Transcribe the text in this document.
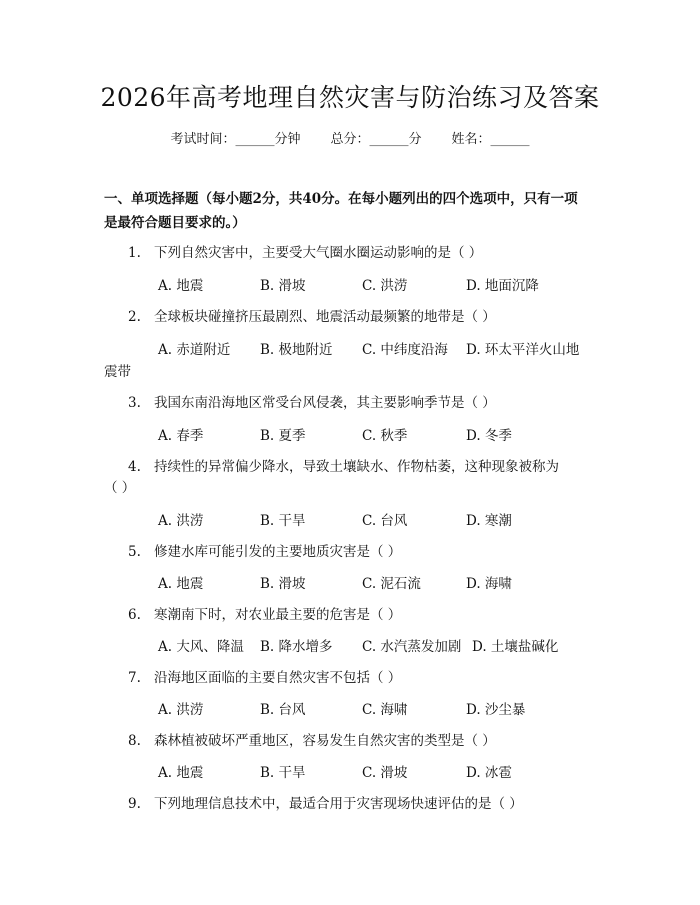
2026年高考地理自然灾害与防治练习及答案
考试时间：______分钟 总分：______分 姓名：______
一、单项选择题（每小题2分，共40分。在每小题列出的四个选项中，只有一项
是最符合题目要求的。）
1. 下列自然灾害中，主要受大气圈水圈运动影响的是（ ）
A. 地震	B. 滑坡	C. 洪涝	D. 地面沉降
2. 全球板块碰撞挤压最剧烈、地震活动最频繁的地带是（ ）
A. 赤道附近 B. 极地附近 C. 中纬度沿海 D. 环太平洋火山地
震带
3. 我国东南沿海地区常受台风侵袭，其主要影响季节是（ ）
A. 春季	B. 夏季	C. 秋季	D. 冬季
4. 持续性的异常偏少降水，导致土壤缺水、作物枯萎，这种现象被称为
（ ）
A. 洪涝	B. 干旱	C. 台风	D. 寒潮
5. 修建水库可能引发的主要地质灾害是（ ）
A. 地震	B. 滑坡	C. 泥石流	D. 海啸
6. 寒潮南下时，对农业最主要的危害是（ ）
A. 大风、降温 B. 降水增多 C. 水汽蒸发加剧 D. 土壤盐碱化
7. 沿海地区面临的主要自然灾害不包括（ ）
A. 洪涝	B. 台风	C. 海啸	D. 沙尘暴
8. 森林植被破坏严重地区，容易发生自然灾害的类型是（ ）
A. 地震	B. 干旱	C. 滑坡	D. 冰雹
9. 下列地理信息技术中，最适合用于灾害现场快速评估的是（ ）
